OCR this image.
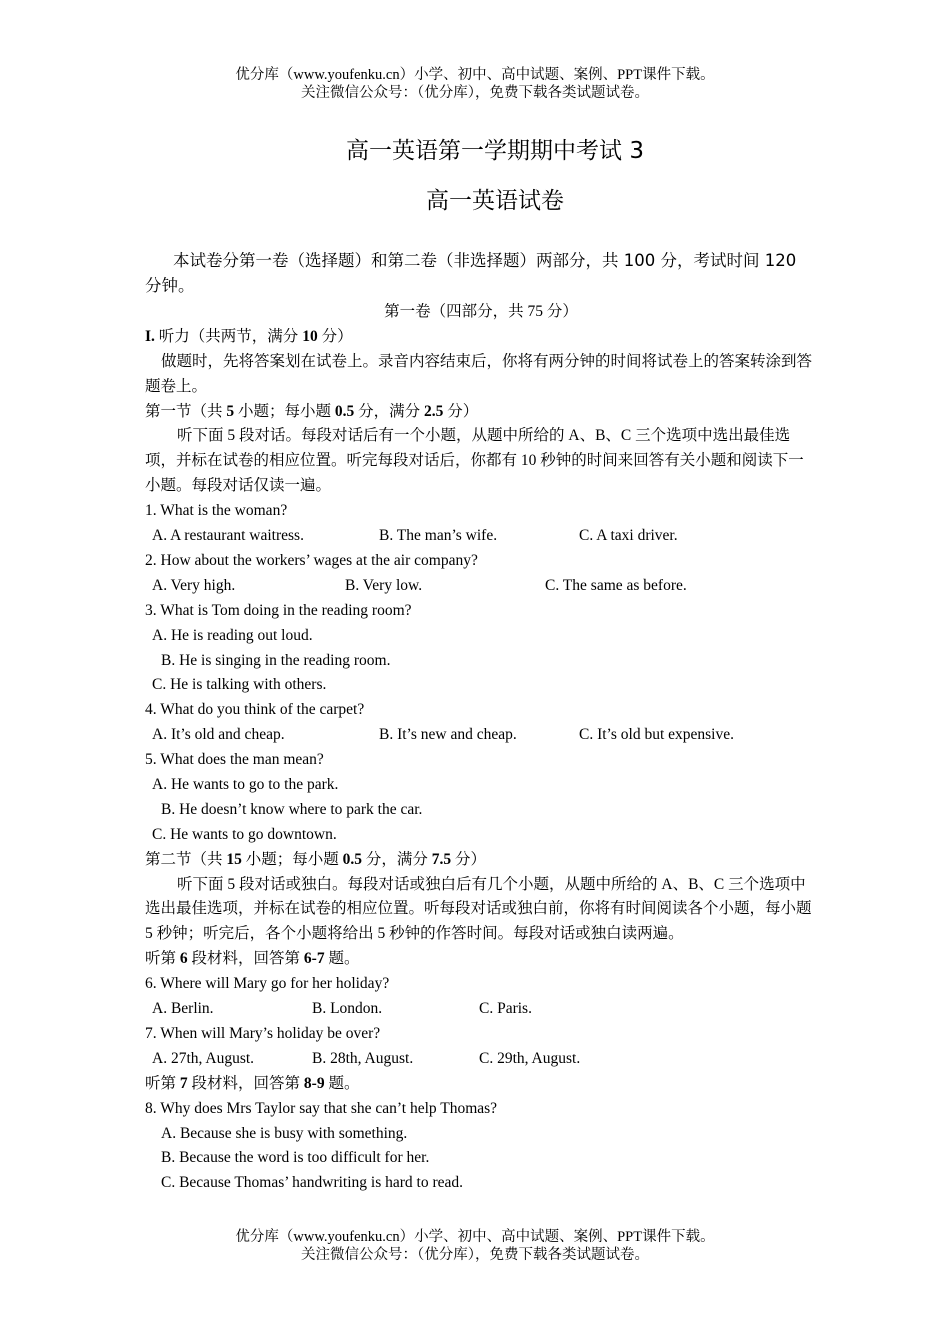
优分库（www.youfenku.cn）小学、初中、高中试题、案例、PPT课件下载。
关注微信公众号：（优分库），免费下载各类试题试卷。
高一英语第一学期期中考试 3
高一英语试卷
本试卷分第一卷（选择题）和第二卷（非选择题）两部分，共 100 分，考试时间 120 分钟。
第一卷（四部分，共 75 分）
I. 听力（共两节，满分 10 分）
做题时，先将答案划在试卷上。录音内容结束后，你将有两分钟的时间将试卷上的答案转涂到答题卷上。
第一节（共 5 小题；每小题 0.5 分，满分 2.5 分）
听下面 5 段对话。每段对话后有一个小题，从题中所给的 A、B、C 三个选项中选出最佳选项，并标在试卷的相应位置。听完每段对话后，你都有 10 秒钟的时间来回答有关小题和阅读下一小题。每段对话仅读一遍。
1. What is the woman?
A. A restaurant waitress.	B. The man’s wife.	C. A taxi driver.
2. How about the workers’ wages at the air company?
A. Very high.	B. Very low.	C. The same as before.
3. What is Tom doing in the reading room?
A. He is reading out loud.
B. He is singing in the reading room.
C. He is talking with others.
4. What do you think of the carpet?
A. It’s old and cheap.	B. It’s new and cheap.	C. It’s old but expensive.
5. What does the man mean?
A. He wants to go to the park.
B. He doesn’t know where to park the car.
C. He wants to go downtown.
第二节（共 15 小题；每小题 0.5 分，满分 7.5 分）
听下面 5 段对话或独白。每段对话或独白后有几个小题，从题中所给的 A、B、C 三个选项中选出最佳选项，并标在试卷的相应位置。听每段对话或独白前，你将有时间阅读各个小题，每小题 5 秒钟；听完后，各个小题将给出 5 秒钟的作答时间。每段对话或独白读两遍。
听第 6 段材料，回答第 6-7 题。
6. Where will Mary go for her holiday?
A. Berlin.	B. London.	C. Paris.
7. When will Mary’s holiday be over?
A. 27th, August.	B. 28th, August.	C. 29th, August.
听第 7 段材料，回答第 8-9 题。
8. Why does Mrs Taylor say that she can’t help Thomas?
A. Because she is busy with something.
B. Because the word is too difficult for her.
C. Because Thomas’ handwriting is hard to read.
优分库（www.youfenku.cn）小学、初中、高中试题、案例、PPT课件下载。
关注微信公众号：（优分库），免费下载各类试题试卷。
